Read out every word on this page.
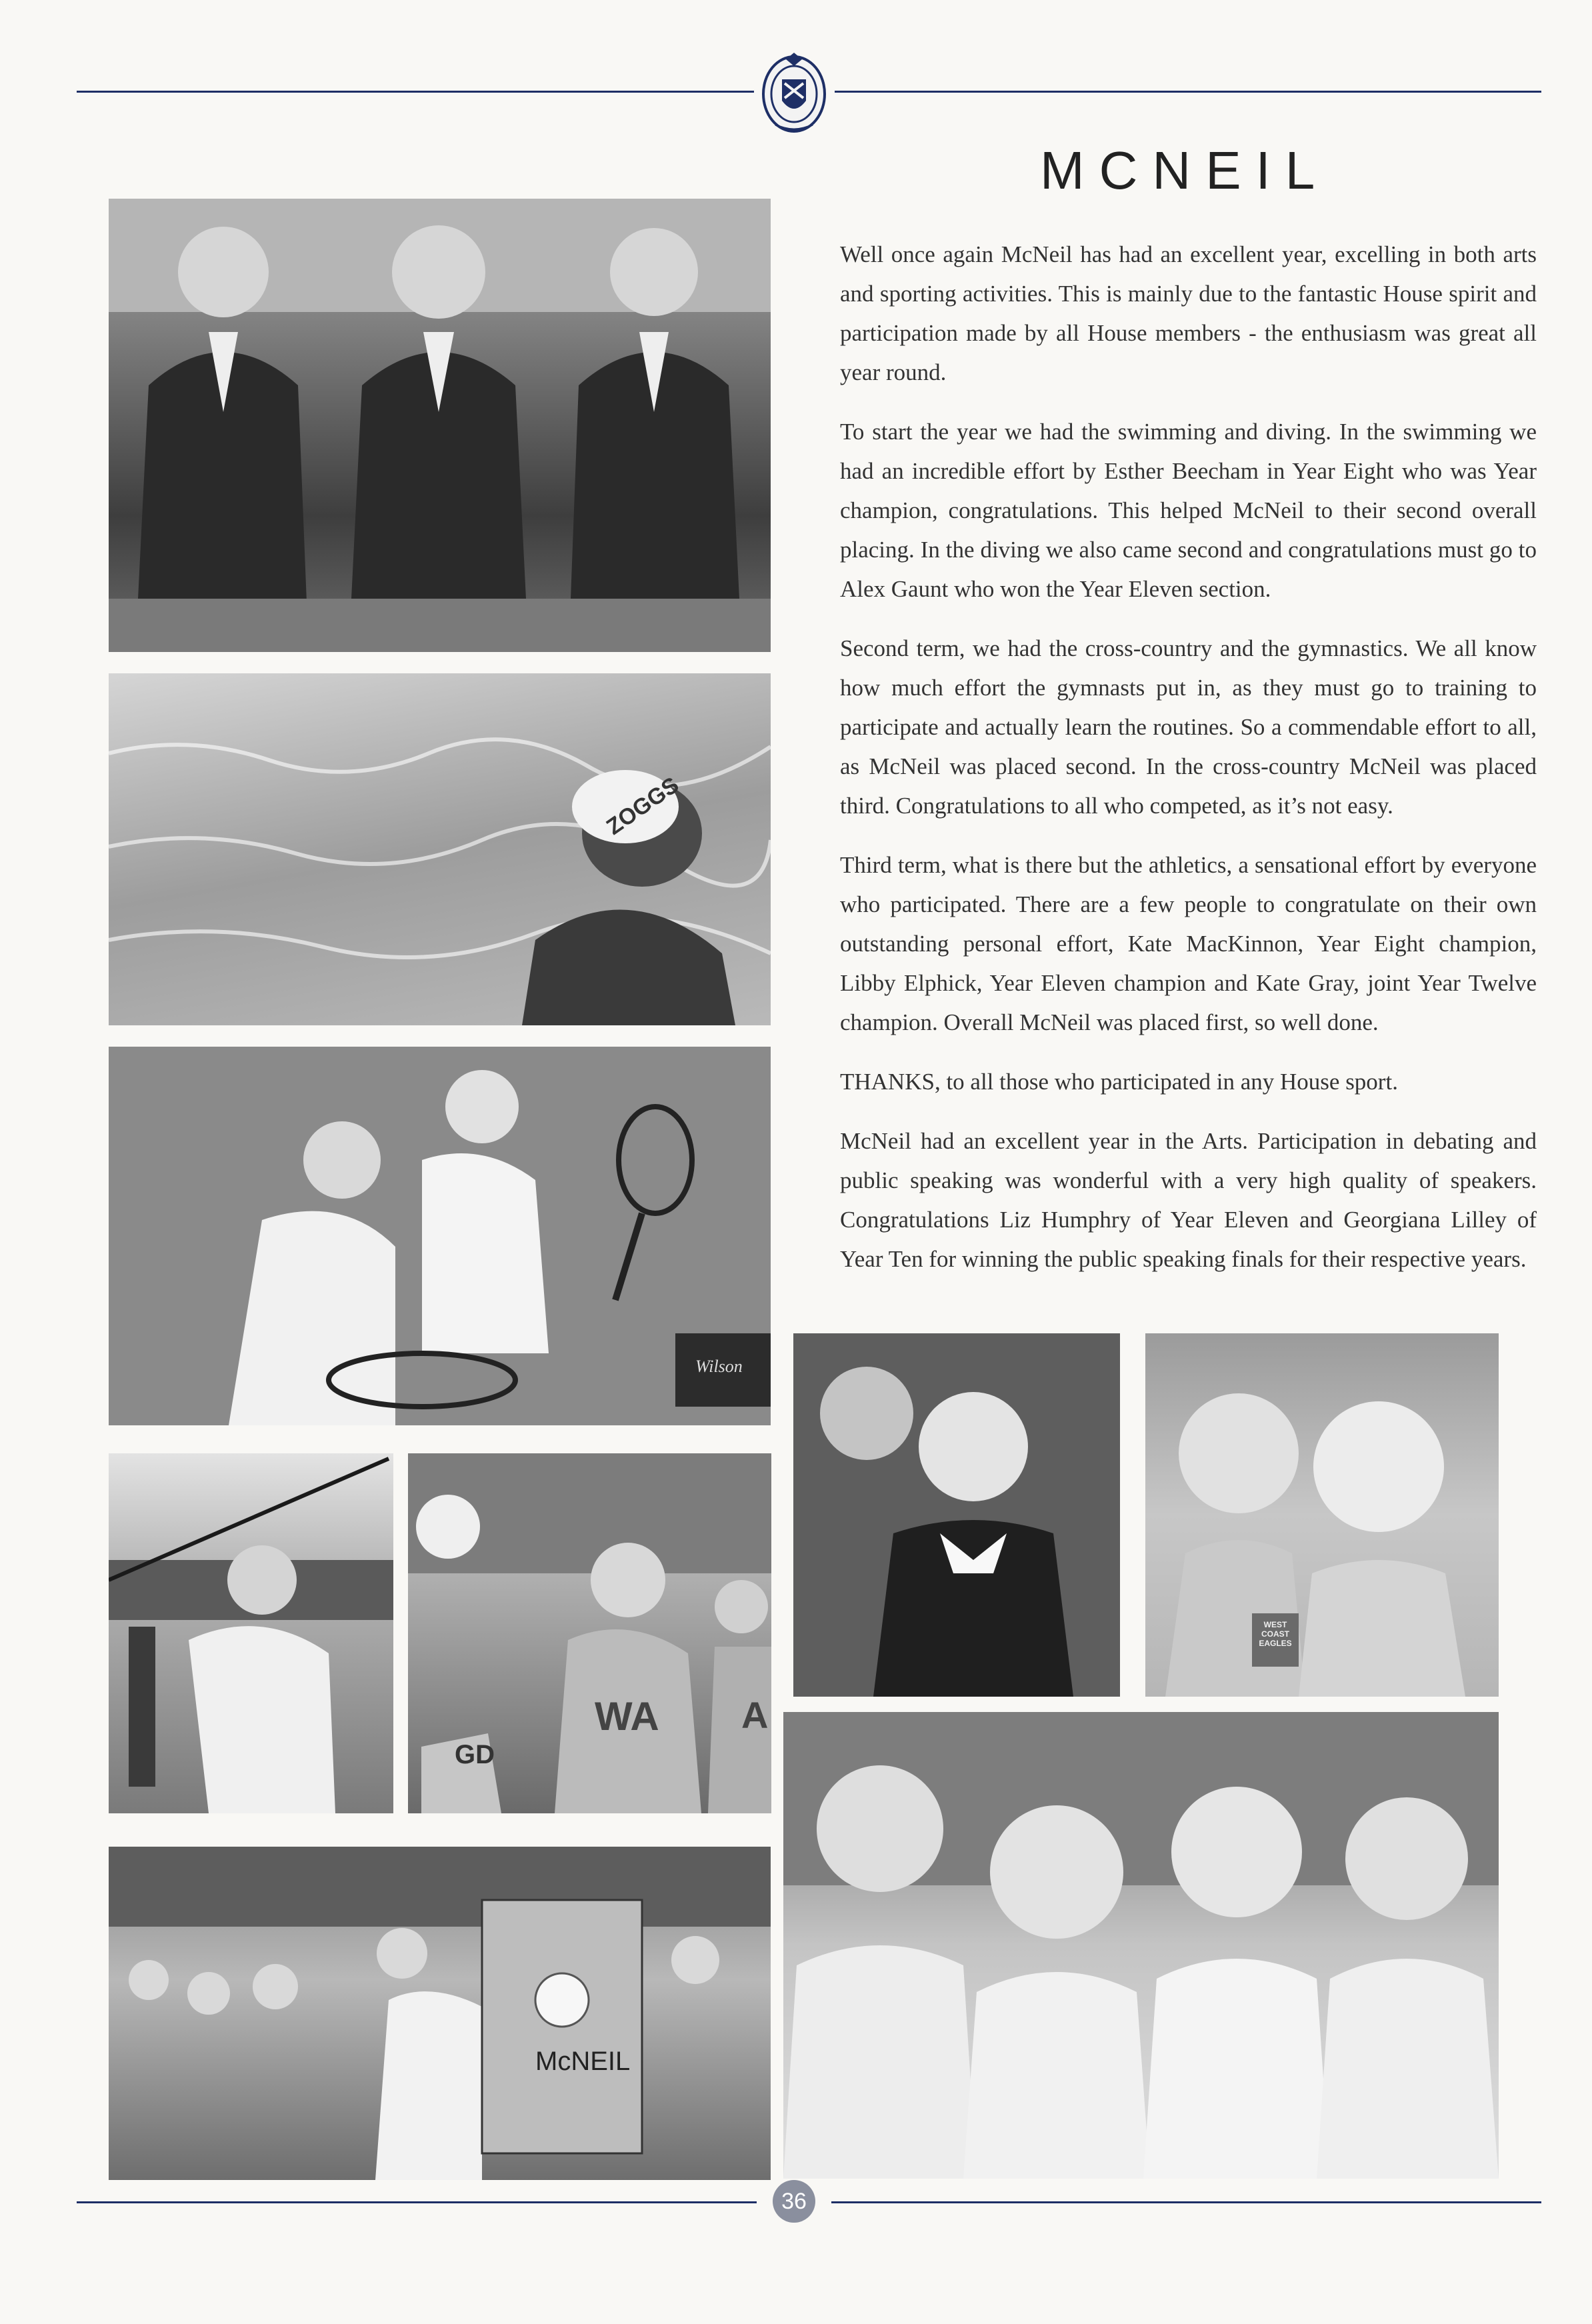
MCNEIL

Well once again McNeil has had an excellent year, excelling in both arts and sporting activities. This is mainly due to the fantastic House spirit and participation made by all House members - the enthusiasm was great all year round.

To start the year we had the swimming and diving. In the swimming we had an incredible effort by Esther Beecham in Year Eight who was Year champion, congratulations. This helped McNeil to their second overall placing. In the diving we also came second and congratulations must go to Alex Gaunt who won the Year Eleven section.

Second term, we had the cross-country and the gymnastics. We all know how much effort the gymnasts put in, as they must go to training to participate and actually learn the routines. So a commendable effort to all, as McNeil was placed second. In the cross-country McNeil was placed third. Congratulations to all who competed, as it’s not easy.

Third term, what is there but the athletics, a sensational effort by everyone who participated. There are a few people to congratulate on their own outstanding personal effort, Kate MacKinnon, Year Eight champion, Libby Elphick, Year Eleven champion and Kate Gray, joint Year Twelve champion. Overall McNeil was placed first, so well done.

THANKS, to all those who participated in any House sport.

McNeil had an excellent year in the Arts. Participation in debating and public speaking was wonderful with a very high quality of speakers. Congratulations Liz Humphry of Year Eleven and Georgiana Lilley of Year Ten for winning the public speaking finals for their respective years.

ZOGGS
Wilson
GD
WA A
McNEIL
WEST COAST EAGLES
36
